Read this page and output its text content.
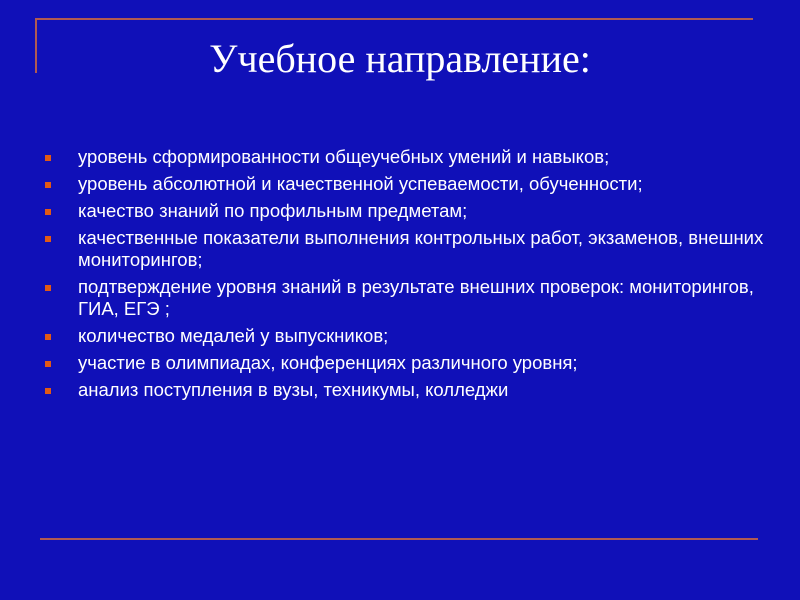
Учебное направление:
уровень сформированности общеучебных умений и навыков;
уровень абсолютной и качественной успеваемости, обученности;
качество знаний по профильным предметам;
качественные показатели выполнения контрольных работ, экзаменов, внешних мониторингов;
подтверждение уровня знаний в результате внешних проверок: мониторингов, ГИА, ЕГЭ ;
количество медалей у выпускников;
участие в олимпиадах, конференциях различного уровня;
анализ поступления в вузы, техникумы, колледжи
